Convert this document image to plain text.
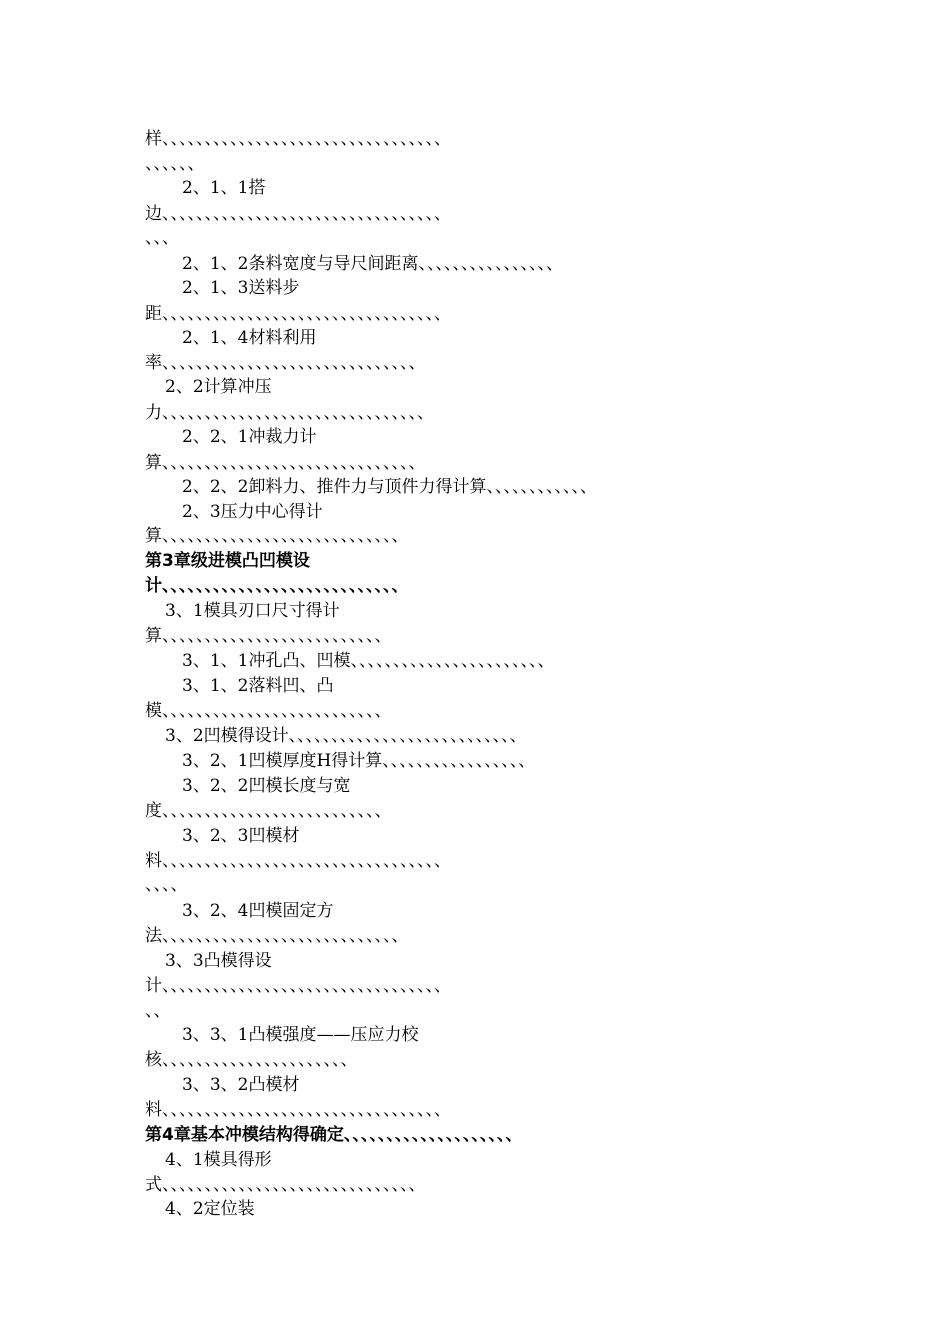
样、、、、、、、、、、、、、、、、、、、、、、、、、、、、、、、、、
、、、、、、
2、1、1搭
边、、、、、、、、、、、、、、、、、、、、、、、、、、、、、、、、、
、、、
2、1、2条料宽度与导尺间距离、、、、、、、、、、、、、、、、
2、1、3送料步
距、、、、、、、、、、、、、、、、、、、、、、、、、、、、、、、、、
2、1、4材料利用
率、、、、、、、、、、、、、、、、、、、、、、、、、、、、、、
2、2计算冲压
力、、、、、、、、、、、、、、、、、、、、、、、、、、、、、、、
2、2、1冲裁力计
算、、、、、、、、、、、、、、、、、、、、、、、、、、、、、、
2、2、2卸料力、推件力与顶件力得计算、、、、、、、、、、、、
2、3压力中心得计
算、、、、、、、、、、、、、、、、、、、、、、、、、、、、
第3章级进模凸凹模设
计、、、、、、、、、、、、、、、、、、、、、、、、、、、、
3、1模具刃口尺寸得计
算、、、、、、、、、、、、、、、、、、、、、、、、、、
3、1、1冲孔凸、凹模、、、、、、、、、、、、、、、、、、、、、、、
3、1、2落料凹、凸
模、、、、、、、、、、、、、、、、、、、、、、、、、、
3、2凹模得设计、、、、、、、、、、、、、、、、、、、、、、、、、、、
3、2、1凹模厚度H得计算、、、、、、、、、、、、、、、、、
3、2、2凹模长度与宽
度、、、、、、、、、、、、、、、、、、、、、、、、、、
3、2、3凹模材
料、、、、、、、、、、、、、、、、、、、、、、、、、、、、、、、、、
、、、、
3、2、4凹模固定方
法、、、、、、、、、、、、、、、、、、、、、、、、、、、、
3、3凸模得设
计、、、、、、、、、、、、、、、、、、、、、、、、、、、、、、、、、
、、
3、3、1凸模强度——压应力校
核、、、、、、、、、、、、、、、、、、、、、、
3、3、2凸模材
料、、、、、、、、、、、、、、、、、、、、、、、、、、、、、、、、、
第4章基本冲模结构得确定、、、、、、、、、、、、、、、、、、、、
4、1模具得形
式、、、、、、、、、、、、、、、、、、、、、、、、、、、、、、
4、2定位装
